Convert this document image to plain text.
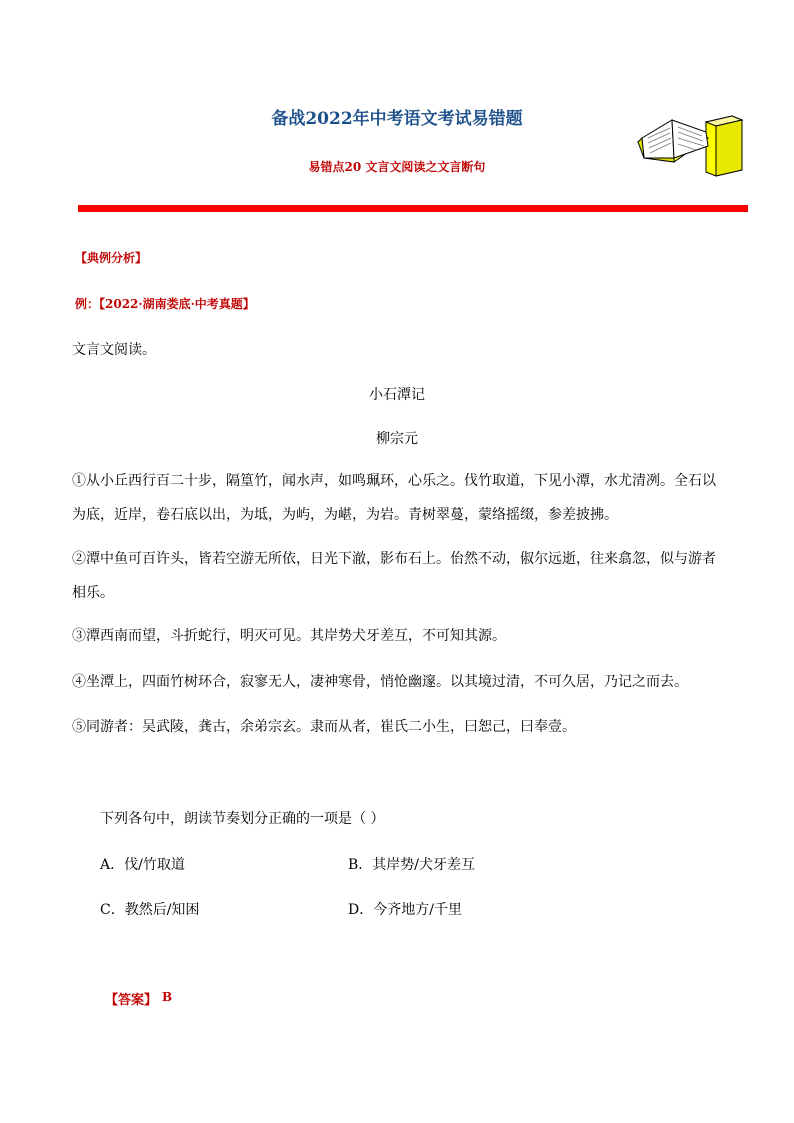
备战2022年中考语文考试易错题
易错点20 文言文阅读之文言断句
【典例分析】
例：【2022·湖南娄底·中考真题】
文言文阅读。
小石潭记
柳宗元
①从小丘西行百二十步，隔篁竹，闻水声，如鸣珮环，心乐之。伐竹取道，下见小潭，水尤清冽。全石以为底，近岸，卷石底以出，为坻，为屿，为嵁，为岩。青树翠蔓，蒙络摇缀，参差披拂。
②潭中鱼可百许头，皆若空游无所依，日光下澈，影布石上。佁然不动，俶尔远逝，往来翕忽，似与游者相乐。
③潭西南而望，斗折蛇行，明灭可见。其岸势犬牙差互，不可知其源。
④坐潭上，四面竹树环合，寂寥无人，凄神寒骨，悄怆幽邃。以其境过清，不可久居，乃记之而去。
⑤同游者：吴武陵，龚古，余弟宗玄。隶而从者，崔氏二小生，曰恕己，曰奉壹。
下列各句中，朗读节奏划分正确的一项是（ ）
A．伐/竹取道	B．其岸势/犬牙差互
C．教然后/知困	D．今齐地方/千里
【答案】 B
